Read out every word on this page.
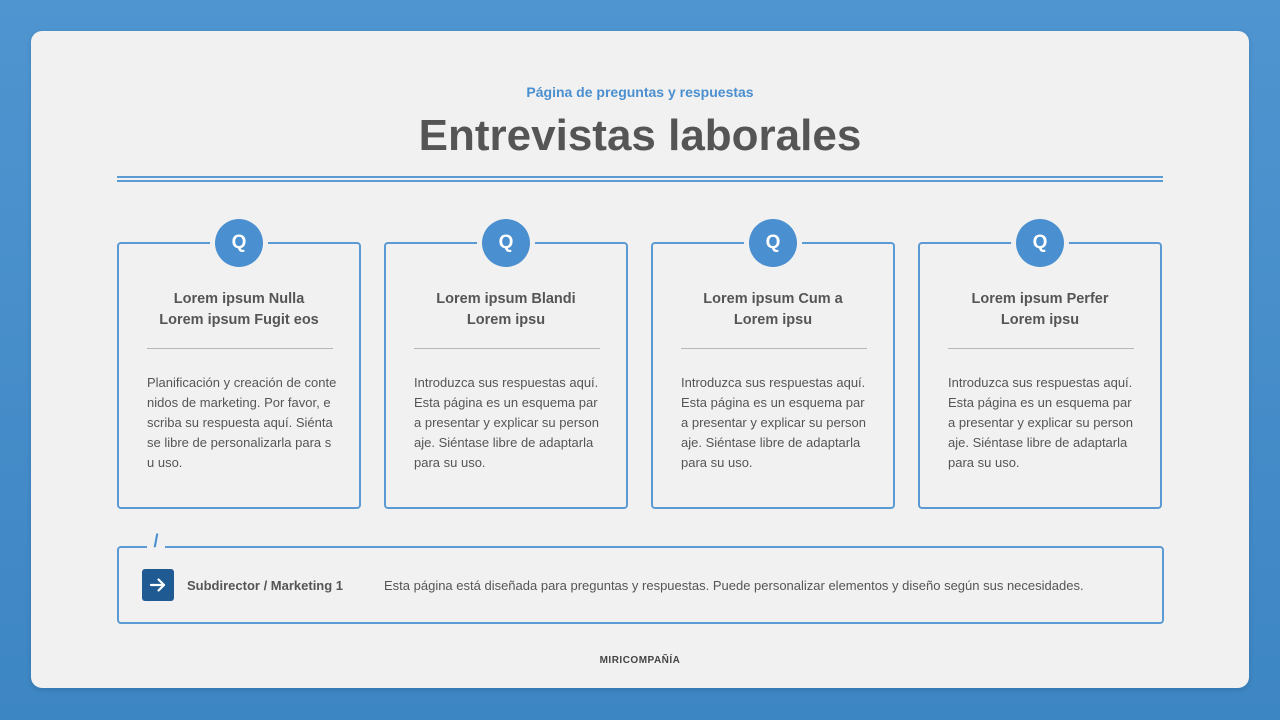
Página de preguntas y respuestas
Entrevistas laborales
Q
Lorem ipsum Nulla
Lorem ipsum Fugit eos
Planificación y creación de contenidos de marketing. Por favor, escriba su respuesta aquí. Siéntase libre de personalizarla para su uso.
Q
Lorem ipsum Blandi
Lorem ipsu
Introduzca sus respuestas aquí. Esta página es un esquema para presentar y explicar su personaje. Siéntase libre de adaptarla para su uso.
Q
Lorem ipsum Cum a
Lorem ipsu
Introduzca sus respuestas aquí. Esta página es un esquema para presentar y explicar su personaje. Siéntase libre de adaptarla para su uso.
Q
Lorem ipsum Perfer
Lorem ipsu
Introduzca sus respuestas aquí. Esta página es un esquema para presentar y explicar su personaje. Siéntase libre de adaptarla para su uso.
/
Subdirector / Marketing 1	Esta página está diseñada para preguntas y respuestas. Puede personalizar elementos y diseño según sus necesidades.
MIRICOMPAÑÍA
